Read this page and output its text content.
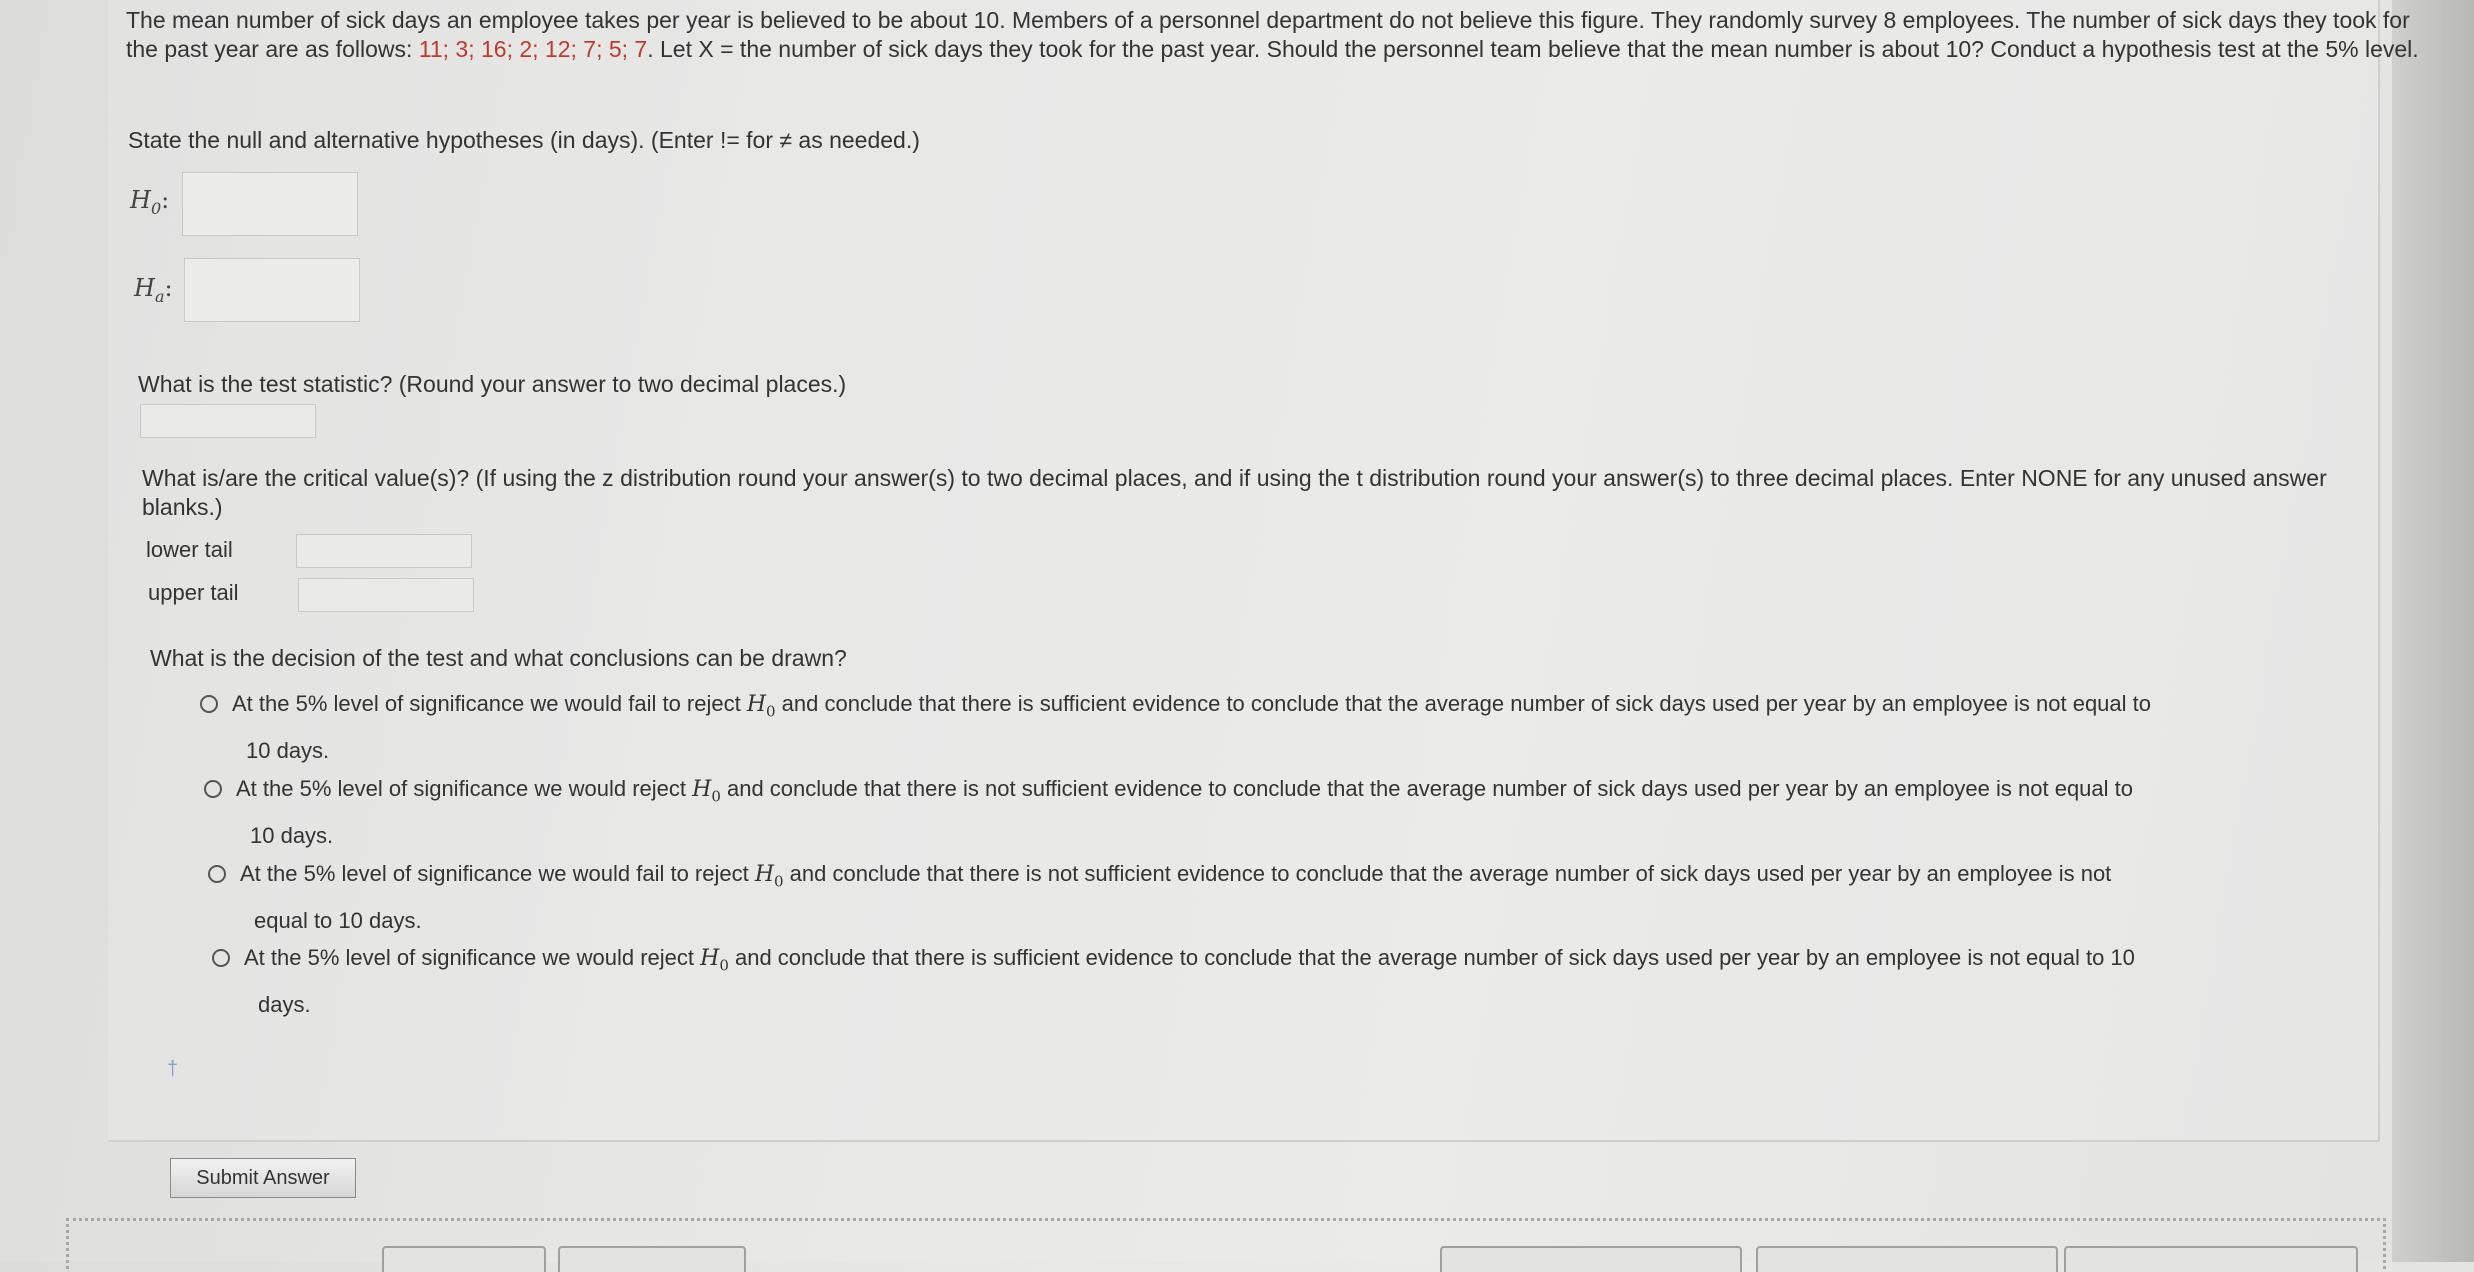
The mean number of sick days an employee takes per year is believed to be about 10. Members of a personnel department do not believe this figure. They randomly survey 8 employees. The number of sick days they took for the past year are as follows: 11; 3; 16; 2; 12; 7; 5; 7. Let X = the number of sick days they took for the past year. Should the personnel team believe that the mean number is about 10? Conduct a hypothesis test at the 5% level.
State the null and alternative hypotheses (in days). (Enter != for ≠ as needed.)
$H_0$:
$H_a$:
What is the test statistic? (Round your answer to two decimal places.)
What is/are the critical value(s)? (If using the z distribution round your answer(s) to two decimal places, and if using the t distribution round your answer(s) to three decimal places. Enter NONE for any unused answer blanks.)
lower tail
upper tail
What is the decision of the test and what conclusions can be drawn?
At the 5% level of significance we would fail to reject $H_0$ and conclude that there is sufficient evidence to conclude that the average number of sick days used per year by an employee is not equal to
10 days.
At the 5% level of significance we would reject $H_0$ and conclude that there is not sufficient evidence to conclude that the average number of sick days used per year by an employee is not equal to
10 days.
At the 5% level of significance we would fail to reject $H_0$ and conclude that there is not sufficient evidence to conclude that the average number of sick days used per year by an employee is not
equal to 10 days.
At the 5% level of significance we would reject $H_0$ and conclude that there is sufficient evidence to conclude that the average number of sick days used per year by an employee is not equal to 10
days.
†
Submit Answer
